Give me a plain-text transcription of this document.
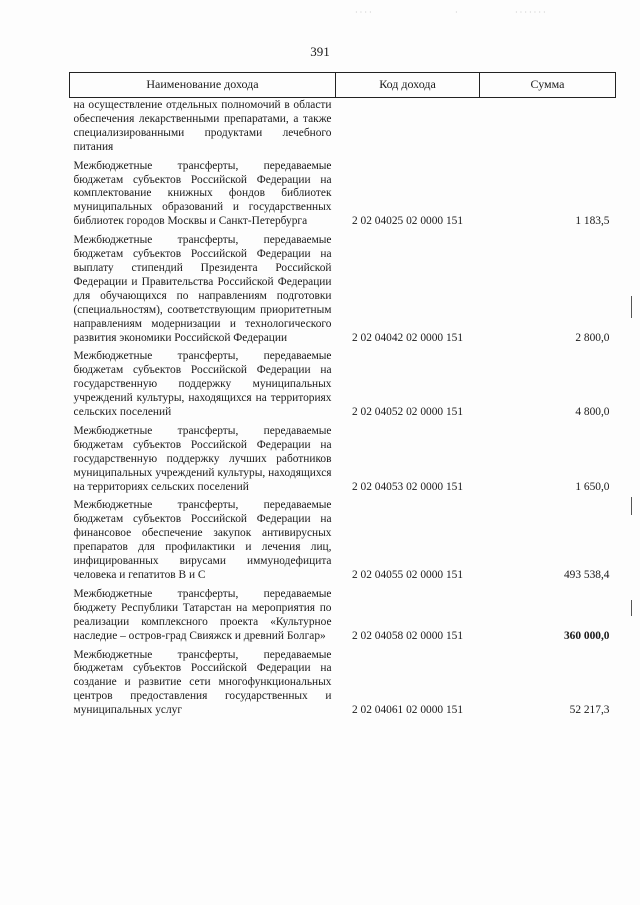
· · · ·	·	· · · · · · ·
391
Наименование дохода	Код дохода	Сумма
на осуществление отдельных полномочий в области обеспечения лекарственными препаратами, а также специализированными продуктами лечебного питания		
Межбюджетные трансферты, передаваемые бюджетам субъектов Российской Федерации на комплектование книжных фондов библиотек муниципальных образований и государственных библиотек городов Москвы и Санкт-Петербурга	2 02 04025 02 0000 151	1 183,5
Межбюджетные трансферты, передаваемые бюджетам субъектов Российской Федерации на выплату стипендий Президента Российской Федерации и Правительства Российской Федерации для обучающихся по направлениям подготовки (специальностям), соответствующим приоритетным направлениям модернизации и технологического развития экономики Российской Федерации	2 02 04042 02 0000 151	2 800,0
Межбюджетные трансферты, передаваемые бюджетам субъектов Российской Федерации на государственную поддержку муниципальных учреждений культуры, находящихся на территориях сельских поселений	2 02 04052 02 0000 151	4 800,0
Межбюджетные трансферты, передаваемые бюджетам субъектов Российской Федерации на государственную поддержку лучших работников муниципальных учреждений культуры, находящихся на территориях сельских поселений	2 02 04053 02 0000 151	1 650,0
Межбюджетные трансферты, передаваемые бюджетам субъектов Российской Федерации на финансовое обеспечение закупок антивирусных препаратов для профилактики и лечения лиц, инфицированных вирусами иммунодефицита человека и гепатитов B и C	2 02 04055 02 0000 151	493 538,4
Межбюджетные трансферты, передаваемые бюджету Республики Татарстан на мероприятия по реализации комплексного проекта «Культурное наследие – остров-град Свияжск и древний Болгар»	2 02 04058 02 0000 151	360 000,0
Межбюджетные трансферты, передаваемые бюджетам субъектов Российской Федерации на создание и развитие сети многофункциональных центров предоставления государственных и муниципальных услуг	2 02 04061 02 0000 151	52 217,3
